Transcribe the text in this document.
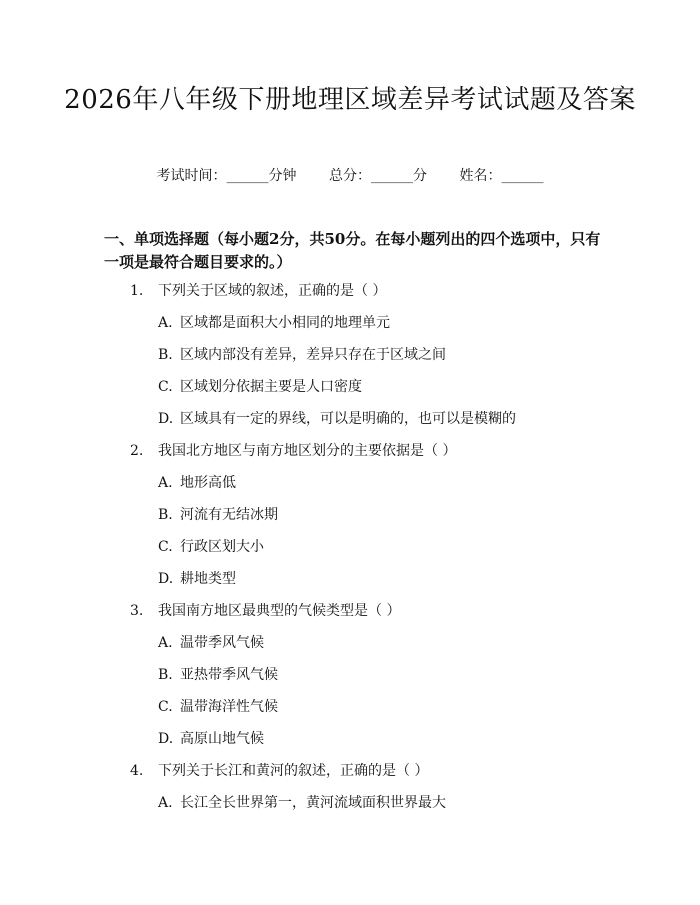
2026年八年级下册地理区域差异考试试题及答案
考试时间：______分钟 总分：______分 姓名：______
一、单项选择题（每小题2分，共50分。在每小题列出的四个选项中，只有一项是最符合题目要求的。）
1. 下列关于区域的叙述，正确的是（ ）
A. 区域都是面积大小相同的地理单元
B. 区域内部没有差异，差异只存在于区域之间
C. 区域划分依据主要是人口密度
D. 区域具有一定的界线，可以是明确的，也可以是模糊的
2. 我国北方地区与南方地区划分的主要依据是（ ）
A. 地形高低
B. 河流有无结冰期
C. 行政区划大小
D. 耕地类型
3. 我国南方地区最典型的气候类型是（ ）
A. 温带季风气候
B. 亚热带季风气候
C. 温带海洋性气候
D. 高原山地气候
4. 下列关于长江和黄河的叙述，正确的是（ ）
A. 长江全长世界第一，黄河流域面积世界最大
